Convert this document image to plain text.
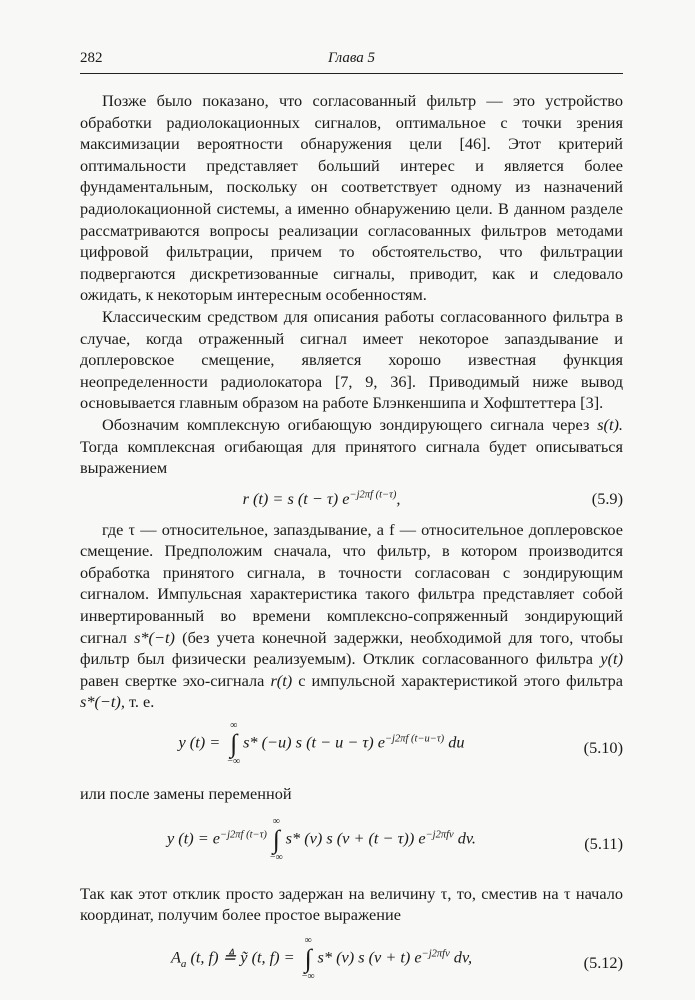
282	Глава 5

Позже было показано, что согласованный фильтр — это устройство обработки радиолокационных сигналов, оптимальное с точки зрения максимизации вероятности обнаружения цели [46]. Этот критерий оптимальности представляет больший интерес и является более фундаментальным, поскольку он соответствует одному из назначений радиолокационной системы, а именно обнаружению цели. В данном разделе рассматриваются вопросы реализации согласованных фильтров методами цифровой фильтрации, причем то обстоятельство, что фильтрации подвергаются дискретизованные сигналы, приводит, как и следовало ожидать, к некоторым интересным особенностям.

Классическим средством для описания работы согласованного фильтра в случае, когда отраженный сигнал имеет некоторое запаздывание и доплеровское смещение, является хорошо известная функция неопределенности радиолокатора [7, 9, 36]. Приводимый ниже вывод основывается главным образом на работе Блэнкеншипа и Хофштеттера [3].

Обозначим комплексную огибающую зондирующего сигнала через s(t). Тогда комплексная огибающая для принятого сигнала будет описываться выражением

r (t) = s (t − τ) $e^{-j2\pi f (t-\tau)}$,	(5.9)

где τ — относительное, запаздывание, а f — относительное доплеровское смещение. Предположим сначала, что фильтр, в котором производится обработка принятого сигнала, в точности согласован с зондирующим сигналом. Импульсная характеристика такого фильтра представляет собой инвертированный во времени комплексно-сопряженный зондирующий сигнал s*(−t) (без учета конечной задержки, необходимой для того, чтобы фильтр был физически реализуемым). Отклик согласованного фильтра y(t) равен свертке эхо-сигнала r(t) с импульсной характеристикой этого фильтра s*(−t), т. е.

y (t) =
∞
∫
−∞
s* (−u) s (t − u − τ) $e^{-j2\pi f (t-u-\tau)}$ du	(5.10)

или после замены переменной

y $(t) = e^{-j2\pi f (t-\tau)}$
∞
∫
−∞
s* (v) s (v + (t − τ)) $e^{-j2\pi fv}$ dv.	(5.11)

Так как этот отклик просто задержан на величину τ, то, сместив на τ начало координат, получим более простое выражение

$A_a$ (t, f) ≜ ỹ (t, f) =
∞
∫
−∞
s* (v) s (v + t) $e^{-j2\pi fv}$ dv,	(5.12)
